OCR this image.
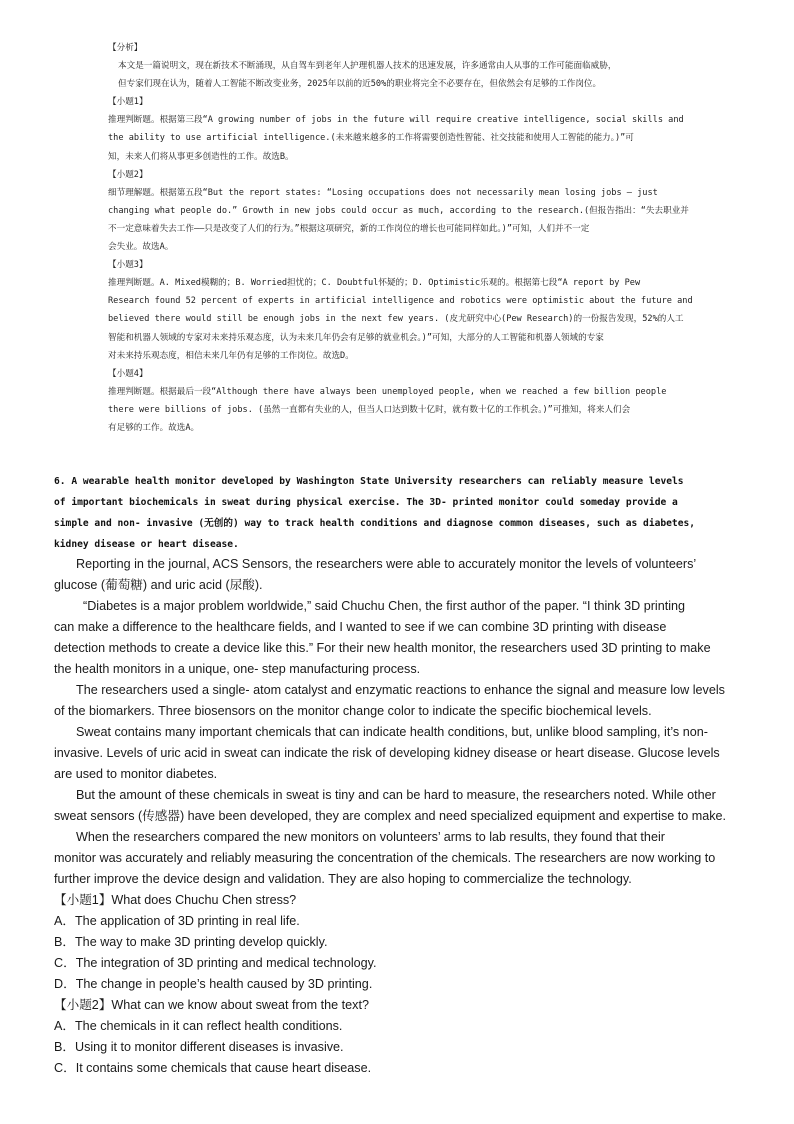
【分析】
本文是一篇说明文，现在新技术不断涌现，从自驾车到老年人护理机器人技术的迅速发展，许多通常由人从事的工作可能面临威胁，
但专家们现在认为，随着人工智能不断改变业务，2025年以前的近50%的职业将完全不必要存在，但依然会有足够的工作岗位。
【小题1】
推理判断题。根据第三段“A growing number of jobs in the future will require creative intelligence, social skills and
the ability to use artificial intelligence.(未来越来越多的工作将需要创造性智能、社交技能和使用人工智能的能力。)”可
知，未来人们将从事更多创造性的工作。故选B。
【小题2】
细节理解题。根据第五段“But the report states: “Losing occupations does not necessarily mean losing jobs — just
changing what people do.” Growth in new jobs could occur as much, according to the research.(但报告指出：“失去职业并
不一定意味着失去工作——只是改变了人们的行为。”根据这项研究，新的工作岗位的增长也可能同样如此。)”可知，人们并不一定
会失业。故选A。
【小题3】
推理判断题。A. Mixed模糊的；B. Worried担忧的；C. Doubtful怀疑的；D. Optimistic乐观的。根据第七段“A report by Pew
Research found 52 percent of experts in artificial intelligence and robotics were optimistic about the future and
believed there would still be enough jobs in the next few years. (皮尤研究中心(Pew Research)的一份报告发现，52%的人工
智能和机器人领域的专家对未来持乐观态度，认为未来几年仍会有足够的就业机会。)”可知，大部分的人工智能和机器人领域的专家
对未来持乐观态度，相信未来几年仍有足够的工作岗位。故选D。
【小题4】
推理判断题。根据最后一段“Although there have always been unemployed people, when we reached a few billion people
there were billions of jobs. (虽然一直都有失业的人，但当人口达到数十亿时，就有数十亿的工作机会。)”可推知，将来人们会
有足够的工作。故选A。
6. A wearable health monitor developed by Washington State University researchers can reliably measure levels
of important biochemicals in sweat during physical exercise. The 3D- printed monitor could someday provide a
simple and non- invasive (无创的) way to track health conditions and diagnose common diseases, such as diabetes,
kidney disease or heart disease.
Reporting in the journal, ACS Sensors, the researchers were able to accurately monitor the levels of volunteers’
glucose (葡萄糖) and uric acid (尿酸).
“Diabetes is a major problem worldwide,” said Chuchu Chen, the first author of the paper. “I think 3D printing
can make a difference to the healthcare fields, and I wanted to see if we can combine 3D printing with disease
detection methods to create a device like this.” For their new health monitor, the researchers used 3D printing to make
the health monitors in a unique, one- step manufacturing process.
The researchers used a single- atom catalyst and enzymatic reactions to enhance the signal and measure low levels
of the biomarkers. Three biosensors on the monitor change color to indicate the specific biochemical levels.
Sweat contains many important chemicals that can indicate health conditions, but, unlike blood sampling, it’s non-
invasive. Levels of uric acid in sweat can indicate the risk of developing kidney disease or heart disease. Glucose levels
are used to monitor diabetes.
But the amount of these chemicals in sweat is tiny and can be hard to measure, the researchers noted. While other
sweat sensors (传感器) have been developed, they are complex and need specialized equipment and expertise to make.
When the researchers compared the new monitors on volunteers’ arms to lab results, they found that their
monitor was accurately and reliably measuring the concentration of the chemicals. The researchers are now working to
further improve the device design and validation. They are also hoping to commercialize the technology.
【小题1】What does Chuchu Chen stress?
A．The application of 3D printing in real life.
B．The way to make 3D printing develop quickly.
C．The integration of 3D printing and medical technology.
D．The change in people’s health caused by 3D printing.
【小题2】What can we know about sweat from the text?
A．The chemicals in it can reflect health conditions.
B．Using it to monitor different diseases is invasive.
C．It contains some chemicals that cause heart disease.
